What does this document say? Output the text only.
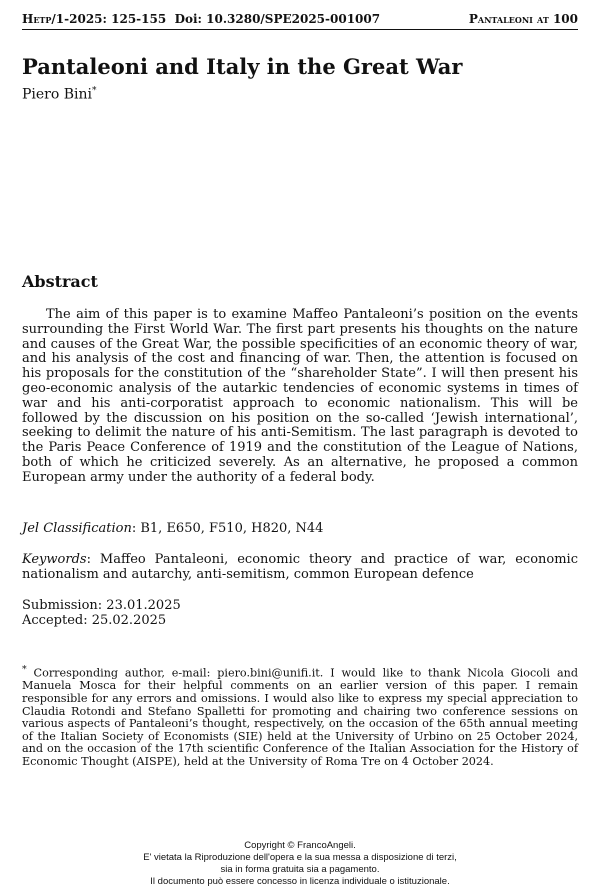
Hetp/1-2025: 125-155 Doi: 10.3280/SPE2025-001007	Pantaleoni at 100
Pantaleoni and Italy in the Great War
Piero Bini*
Abstract

The aim of this paper is to examine Maffeo Pantaleoni’s position on the events surrounding the First World War. The first part presents his thoughts on the nature and causes of the Great War, the possible specificities of an economic theory of war, and his analysis of the cost and financing of war. Then, the attention is focused on his proposals for the constitution of the “shareholder State”. I will then present his geo-economic analysis of the autarkic tendencies of economic systems in times of war and his anti-corporatist approach to economic nationalism. This will be followed by the discussion on his position on the so-called ‘Jewish international’, seeking to delimit the nature of his anti-Semitism. The last paragraph is devoted to the Paris Peace Conference of 1919 and the constitution of the League of Nations, both of which he criticized severely. As an alternative, he proposed a common European army under the authority of a federal body.

Jel Classification: B1, E650, F510, H820, N44
Keywords: Maffeo Pantaleoni, economic theory and practice of war, economic nationalism and autarchy, anti-semitism, common European defence
Submission: 23.01.2025
Accepted: 25.02.2025
* Corresponding author, e-mail: piero.bini@unifi.it. I would like to thank Nicola Giocoli and Manuela Mosca for their helpful comments on an earlier version of this paper. I remain responsible for any errors and omissions. I would also like to express my special appreciation to Claudia Rotondi and Stefano Spalletti for promoting and chairing two conference sessions on various aspects of Pantaleoni’s thought, respectively, on the occasion of the 65th annual meeting of the Italian Society of Economists (SIE) held at the University of Urbino on 25 October 2024, and on the occasion of the 17th scientific Conference of the Italian Association for the History of Economic Thought (AISPE), held at the University of Roma Tre on 4 October 2024.
Copyright © FrancoAngeli.
E' vietata la Riproduzione dell'opera e la sua messa a disposizione di terzi,
sia in forma gratuita sia a pagamento.
Il documento può essere concesso in licenza individuale o istituzionale.
